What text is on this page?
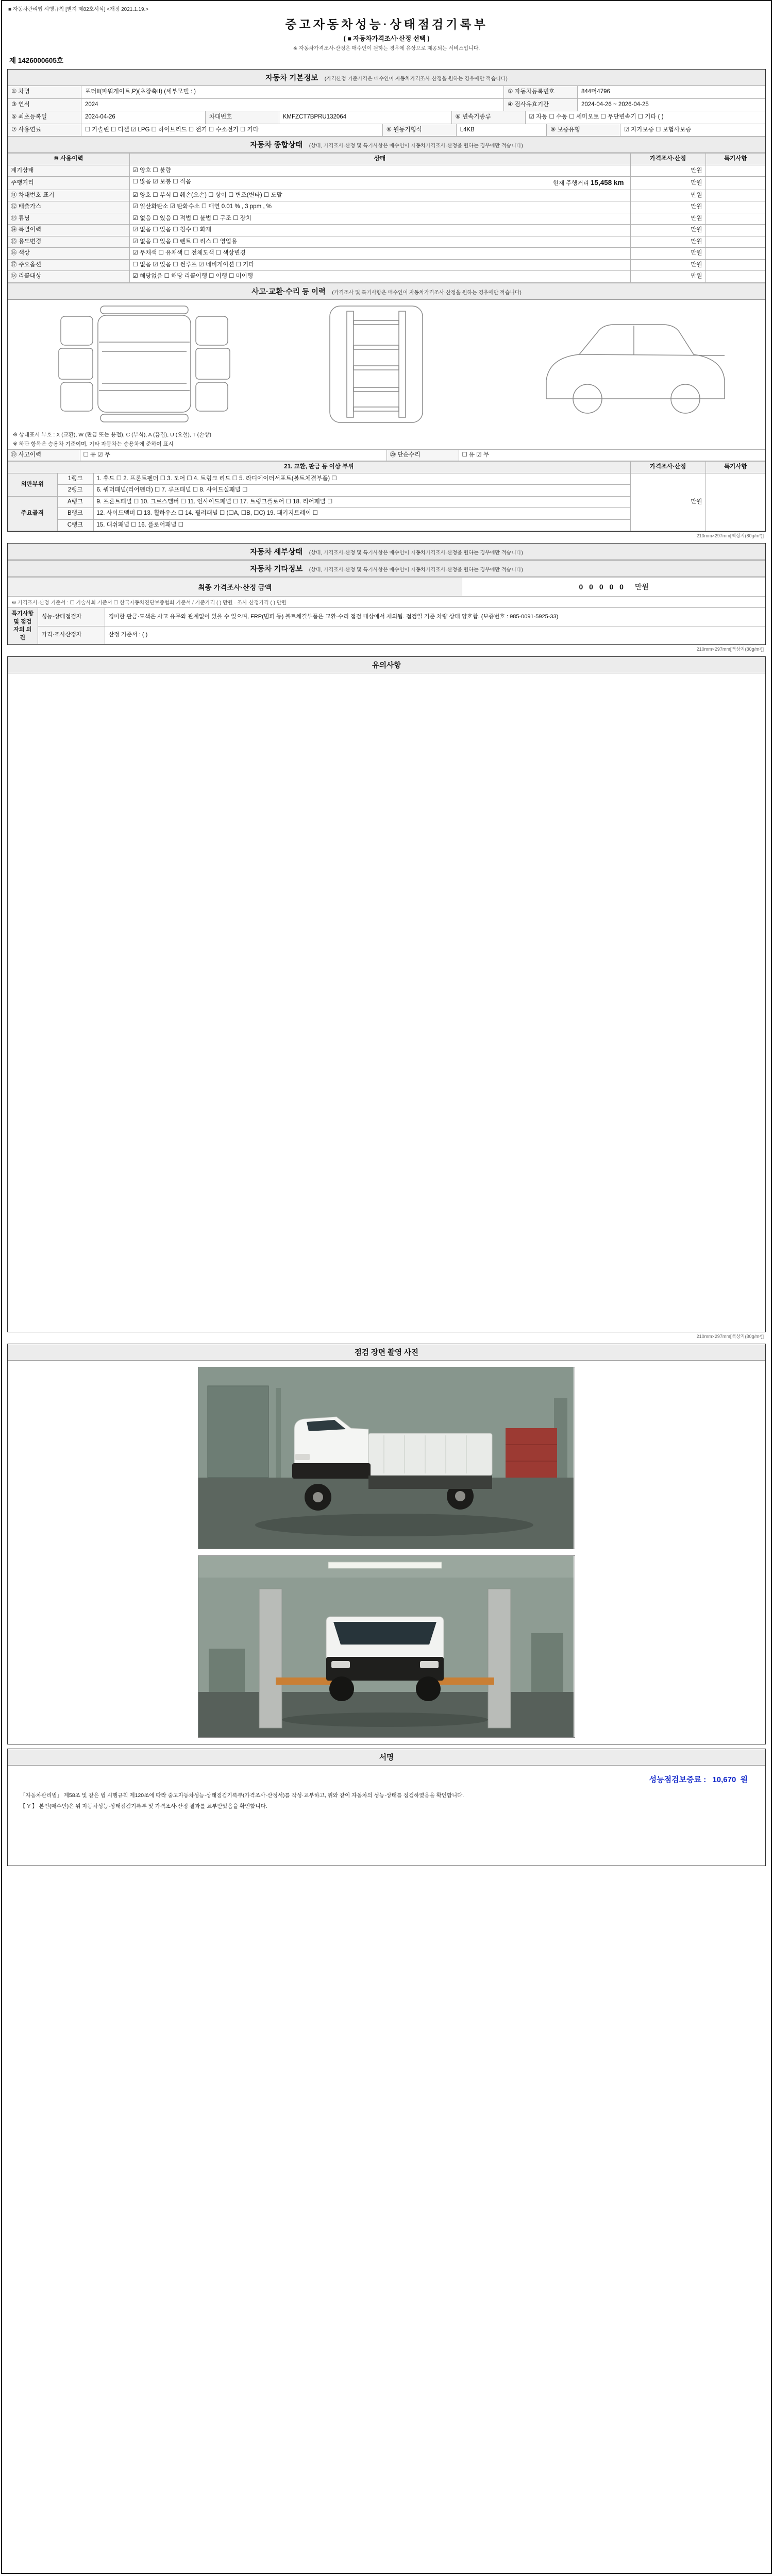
■ 자동차관리법 시행규칙 [별지 제82호서식] <개정 2021.1.19.>
중고자동차성능·상태점검기록부
( ■ 자동차가격조사·산정 선택 )
※ 자동차가격조사·산정은 매수인이 원하는 경우에 유상으로 제공되는 서비스입니다.
제 1426000605호
자동차 기본정보 (가격산정 기준가격은 매수인이 자동차가격조사·산정을 원하는 경우에만 적습니다)
① 차명	포터II(파워게이트,P)(초장축II) (세부모델 : )	② 자동차등록번호	844머4796
③ 연식	2024	④ 검사유효기간	2024-04-26 ~ 2026-04-25
⑤ 최초등록일	2024-04-26	차대번호	KMFZCT7BPRU132064	⑥ 변속기종류	☑ 자동 ☐ 수동 ☐ 세미오토 ☐ 무단변속기 ☐ 기타 ( )
⑦ 사용연료	☐ 가솔린 ☐ 디젤 ☑ LPG ☐ 하이브리드 ☐ 전기 ☐ 수소전기 ☐ 기타	⑧ 원동기형식	L4KB	⑨ 보증유형	☑ 자가보증 ☐ 보험사보증
자동차 종합상태 (상태, 가격조사·산정 및 특기사항은 매수인이 자동차가격조사·산정을 원하는 경우에만 적습니다)
⑩ 사용이력	상태	가격조사·산정	특기사항
계기상태	☑ 양호 ☐ 불량	만원	
주행거리	☐ 많음 ☑ 보통 ☐ 적음 현재 주행거리 15,458 km	만원	
⑪ 차대번호 표기	☑ 양호 ☐ 부식 ☐ 훼손(오손) ☐ 상이 ☐ 변조(변타) ☐ 도말	만원	
⑫ 배출가스	☑ 일산화탄소 ☑ 탄화수소 ☐ 매연 0.01 % , 3 ppm , %	만원	
⑬ 튜닝	☑ 없음 ☐ 있음 ☐ 적법 ☐ 불법 ☐ 구조 ☐ 장치	만원	
⑭ 특별이력	☑ 없음 ☐ 있음 ☐ 침수 ☐ 화재	만원	
⑮ 용도변경	☑ 없음 ☐ 있음 ☐ 렌트 ☐ 리스 ☐ 영업용	만원	
⑯ 색상	☑ 무채색 ☐ 유채색 ☐ 전체도색 ☐ 색상변경	만원	
⑰ 주요옵션	☐ 없음 ☑ 있음 ☐ 썬루프 ☑ 네비게이션 ☐ 기타	만원	
⑱ 리콜대상	☑ 해당없음 ☐ 해당 리콜이행 ☐ 이행 ☐ 미이행	만원	
사고·교환·수리 등 이력 (가격조사 및 특기사항은 매수인이 자동차가격조사·산정을 원하는 경우에만 적습니다)
※ 상태표시 부호 : X (교환), W (판금 또는 용접), C (부식), A (흠집), U (요철), T (손상)
※ 하단 항목은 승용차 기준이며, 기타 자동차는 승용차에 준하여 표시
⑲ 사고이력	☐ 유 ☑ 무	⑳ 단순수리	☐ 유 ☑ 무
21. 교환, 판금 등 이상 부위			가격조사·산정	특기사항
외판부위	1랭크	1. 후드 ☐ 2. 프론트펜더 ☐ 3. 도어 ☐ 4. 트렁크 리드 ☐ 5. 라디에이터서포트(볼트체결부품) ☐	만원	
	2랭크	6. 쿼터패널(리어펜더) ☐ 7. 루프패널 ☐ 8. 사이드실패널 ☐		
주요골격	A랭크	9. 프론트패널 ☐ 10. 크로스멤버 ☐ 11. 인사이드패널 ☐ 17. 트렁크플로어 ☐ 18. 리어패널 ☐		
	B랭크	12. 사이드멤버 ☐ 13. 휠하우스 ☐ 14. 필러패널 ☐ (☐A, ☐B, ☐C) 19. 패키지트레이 ☐		
	C랭크	15. 대쉬패널 ☐ 16. 플로어패널 ☐		
210mm×297mm[백상지(80g/m²)]
자동차 세부상태 (상태, 가격조사·산정 및 특기사항은 매수인이 자동차가격조사·산정을 원하는 경우에만 적습니다)
자동차 기타정보 (상태, 가격조사·산정 및 특기사항은 매수인이 자동차가격조사·산정을 원하는 경우에만 적습니다)
최종 가격조사·산정 금액	0 0 0 0 0 만원
※ 가격조사·산정 기준서 : ☐ 기술사회 기준서 ☐ 한국자동차진단보증협회 기준서 / 기준가격 ( ) 만원 · 조사·산정가격 ( ) 만원
특기사항 및 점검자의 의견	성능·상태점검자	경미한 판금·도색은 사고 유무와 관계없이 있을 수 있으며, FRP(범퍼 등) 볼트체결부품은 교환·수리 점검 대상에서 제외됨. 점검일 기준 차량 상태 양호함. (보증번호 : 985-0091-5925-33)
	가격·조사산정자	산정 기준서 : ( )
210mm×297mm[백상지(80g/m²)]
유의사항
210mm×297mm[백상지(80g/m²)]
점검 장면 촬영 사진
서명
성능점검보증료 : 10,670 원
「자동차관리법」 제58조 및 같은 법 시행규칙 제120조에 따라 중고자동차성능·상태점검기록부(가격조사·산정서)를 작성·교부하고, 위와 같이 자동차의 성능·상태를 점검하였음을 확인합니다.
【 Y 】 본인(매수인)은 위 자동차성능·상태점검기록부 및 가격조사·산정 결과를 교부받았음을 확인합니다.
